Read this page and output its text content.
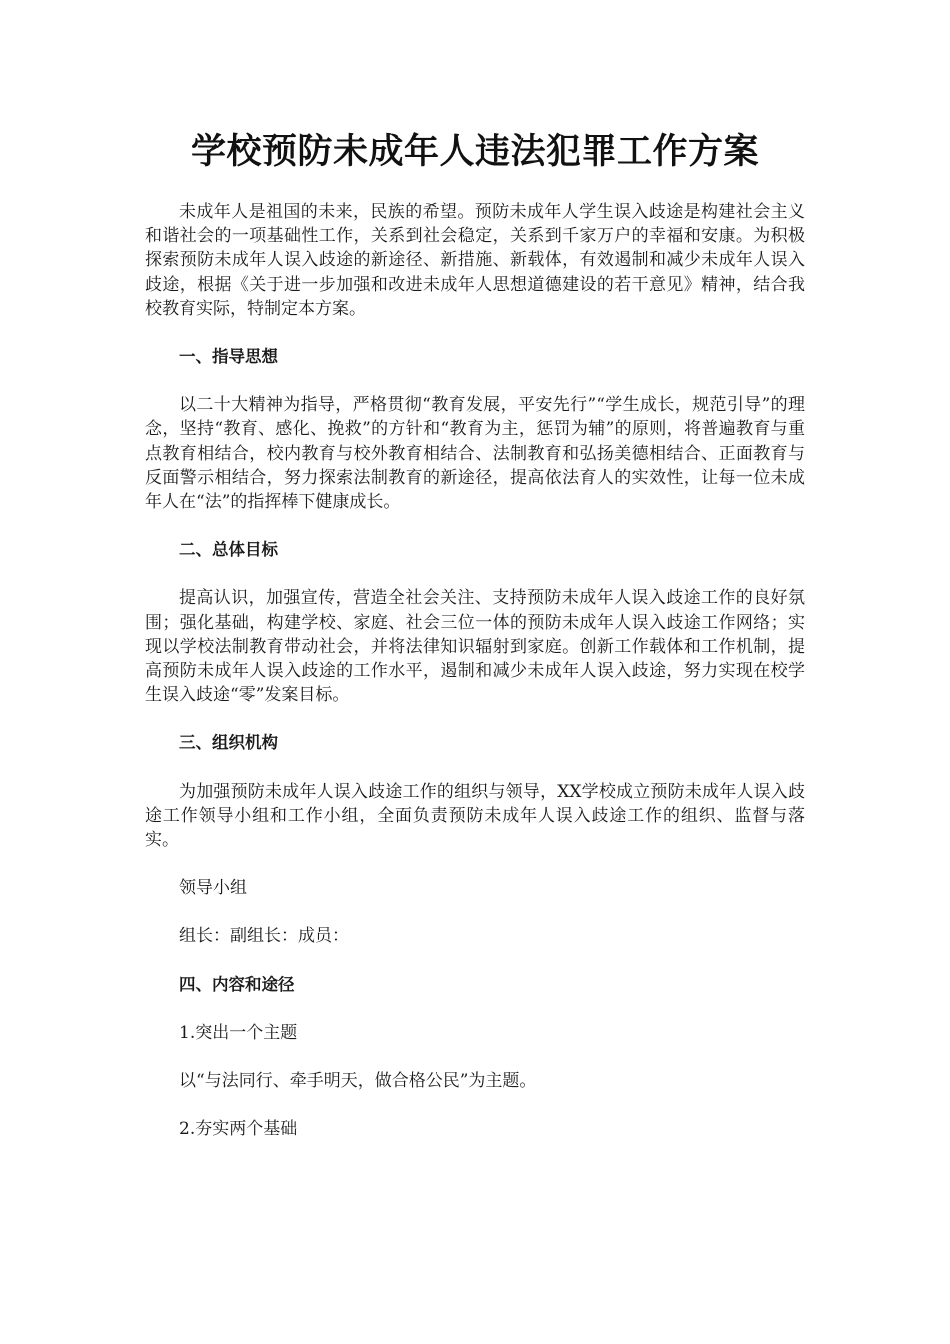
学校预防未成年人违法犯罪工作方案

未成年人是祖国的未来，民族的希望。预防未成年人学生误入歧途是构建社会主义和谐社会的一项基础性工作，关系到社会稳定，关系到千家万户的幸福和安康。为积极探索预防未成年人误入歧途的新途径、新措施、新载体，有效遏制和减少未成年人误入歧途，根据《关于进一步加强和改进未成年人思想道德建设的若干意见》精神，结合我校教育实际，特制定本方案。

一、指导思想

以二十大精神为指导，严格贯彻“教育发展，平安先行”“学生成长，规范引导”的理念，坚持“教育、感化、挽救”的方针和“教育为主，惩罚为辅”的原则，将普遍教育与重点教育相结合，校内教育与校外教育相结合、法制教育和弘扬美德相结合、正面教育与反面警示相结合，努力探索法制教育的新途径，提高依法育人的实效性，让每一位未成年人在“法”的指挥棒下健康成长。

二、总体目标

提高认识，加强宣传，营造全社会关注、支持预防未成年人误入歧途工作的良好氛围；强化基础，构建学校、家庭、社会三位一体的预防未成年人误入歧途工作网络；实现以学校法制教育带动社会，并将法律知识辐射到家庭。创新工作载体和工作机制，提高预防未成年人误入歧途的工作水平，遏制和减少未成年人误入歧途，努力实现在校学生误入歧途“零”发案目标。

三、组织机构

为加强预防未成年人误入歧途工作的组织与领导，XX学校成立预防未成年人误入歧途工作领导小组和工作小组，全面负责预防未成年人误入歧途工作的组织、监督与落实。

领导小组

组长：副组长：成员：

四、内容和途径

1.突出一个主题

以“与法同行、牵手明天，做合格公民”为主题。

2.夯实两个基础
